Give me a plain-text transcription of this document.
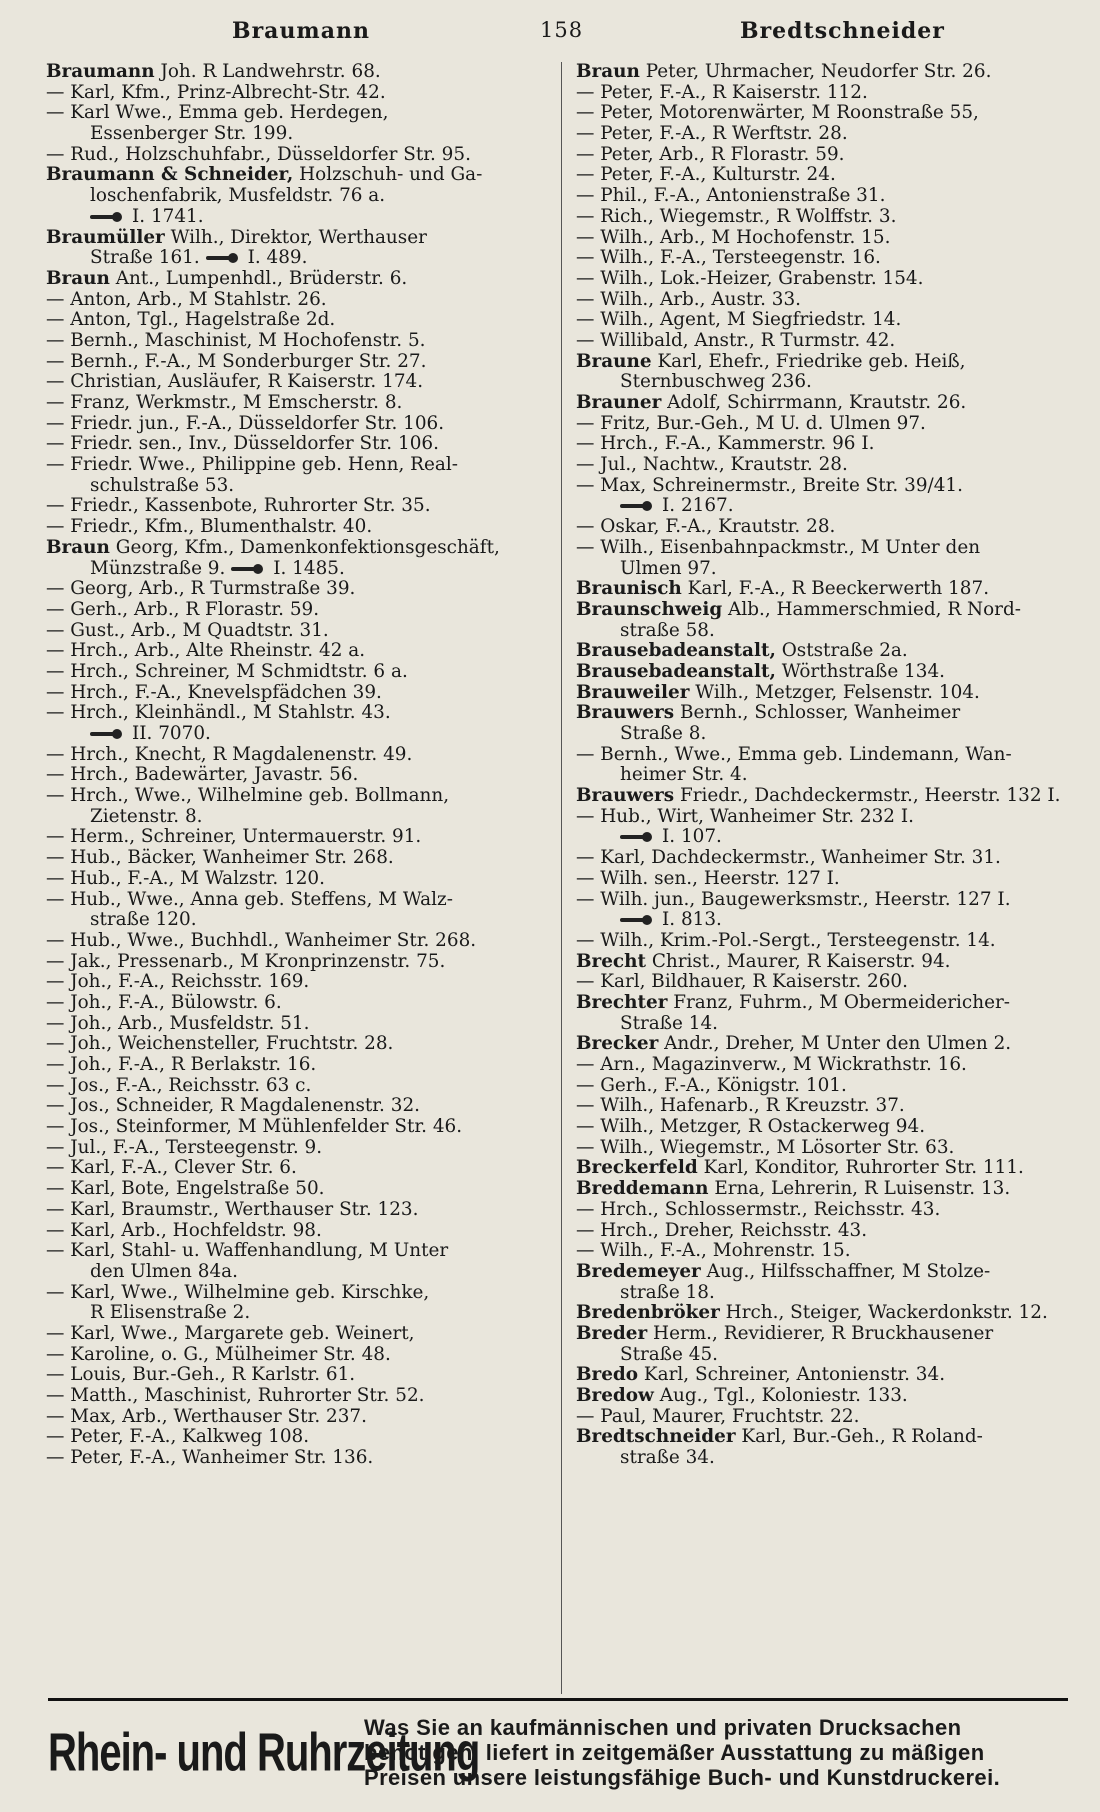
Braumann	158	Bredtschneider
Braumann Joh. R Landwehrstr. 68.
— Karl, Kfm., Prinz-Albrecht-Str. 42.
— Karl Wwe., Emma geb. Herdegen,
Essenberger Str. 199.
— Rud., Holzschuhfabr., Düsseldorfer Str. 95.
Braumann & Schneider, Holzschuh- und Ga-
loschenfabrik, Musfeldstr. 76 a.
I. 1741.
Braumüller Wilh., Direktor, Werthauser
Straße 161.	I. 489.
Braun Ant., Lumpenhdl., Brüderstr. 6.
— Anton, Arb., M Stahlstr. 26.
— Anton, Tgl., Hagelstraße 2d.
— Bernh., Maschinist, M Hochofenstr. 5.
— Bernh., F.-A., M Sonderburger Str. 27.
— Christian, Ausläufer, R Kaiserstr. 174.
— Franz, Werkmstr., M Emscherstr. 8.
— Friedr. jun., F.-A., Düsseldorfer Str. 106.
— Friedr. sen., Inv., Düsseldorfer Str. 106.
— Friedr. Wwe., Philippine geb. Henn, Real-
schulstraße 53.
— Friedr., Kassenbote, Ruhrorter Str. 35.
— Friedr., Kfm., Blumenthalstr. 40.
Braun Georg, Kfm., Damenkonfektionsgeschäft,
Münzstraße 9.	I. 1485.
— Georg, Arb., R Turmstraße 39.
— Gerh., Arb., R Florastr. 59.
— Gust., Arb., M Quadtstr. 31.
— Hrch., Arb., Alte Rheinstr. 42 a.
— Hrch., Schreiner, M Schmidtstr. 6 a.
— Hrch., F.-A., Knevelspfädchen 39.
— Hrch., Kleinhändl., M Stahlstr. 43.
II. 7070.
— Hrch., Knecht, R Magdalenenstr. 49.
— Hrch., Badewärter, Javastr. 56.
— Hrch., Wwe., Wilhelmine geb. Bollmann,
Zietenstr. 8.
— Herm., Schreiner, Untermauerstr. 91.
— Hub., Bäcker, Wanheimer Str. 268.
— Hub., F.-A., M Walzstr. 120.
— Hub., Wwe., Anna geb. Steffens, M Walz-
straße 120.
— Hub., Wwe., Buchhdl., Wanheimer Str. 268.
— Jak., Pressenarb., M Kronprinzenstr. 75.
— Joh., F.-A., Reichsstr. 169.
— Joh., F.-A., Bülowstr. 6.
— Joh., Arb., Musfeldstr. 51.
— Joh., Weichensteller, Fruchtstr. 28.
— Joh., F.-A., R Berlakstr. 16.
— Jos., F.-A., Reichsstr. 63 c.
— Jos., Schneider, R Magdalenenstr. 32.
— Jos., Steinformer, M Mühlenfelder Str. 46.
— Jul., F.-A., Tersteegenstr. 9.
— Karl, F.-A., Clever Str. 6.
— Karl, Bote, Engelstraße 50.
— Karl, Braumstr., Werthauser Str. 123.
— Karl, Arb., Hochfeldstr. 98.
— Karl, Stahl- u. Waffenhandlung, M Unter
den Ulmen 84a.
— Karl, Wwe., Wilhelmine geb. Kirschke,
R Elisenstraße 2.
— Karl, Wwe., Margarete geb. Weinert,
— Karoline, o. G., Mülheimer Str. 48.
— Louis, Bur.-Geh., R Karlstr. 61.
— Matth., Maschinist, Ruhrorter Str. 52.
— Max, Arb., Werthauser Str. 237.
— Peter, F.-A., Kalkweg 108.
— Peter, F.-A., Wanheimer Str. 136.
Braun Peter, Uhrmacher, Neudorfer Str. 26.
— Peter, F.-A., R Kaiserstr. 112.
— Peter, Motorenwärter, M Roonstraße 55,
— Peter, F.-A., R Werftstr. 28.
— Peter, Arb., R Florastr. 59.
— Peter, F.-A., Kulturstr. 24.
— Phil., F.-A., Antonienstraße 31.
— Rich., Wiegemstr., R Wolffstr. 3.
— Wilh., Arb., M Hochofenstr. 15.
— Wilh., F.-A., Tersteegenstr. 16.
— Wilh., Lok.-Heizer, Grabenstr. 154.
— Wilh., Arb., Austr. 33.
— Wilh., Agent, M Siegfriedstr. 14.
— Willibald, Anstr., R Turmstr. 42.
Braune Karl, Ehefr., Friedrike geb. Heiß,
Sternbuschweg 236.
Brauner Adolf, Schirrmann, Krautstr. 26.
— Fritz, Bur.-Geh., M U. d. Ulmen 97.
— Hrch., F.-A., Kammerstr. 96 I.
— Jul., Nachtw., Krautstr. 28.
— Max, Schreinermstr., Breite Str. 39/41.
I. 2167.
— Oskar, F.-A., Krautstr. 28.
— Wilh., Eisenbahnpackmstr., M Unter den
Ulmen 97.
Braunisch Karl, F.-A., R Beeckerwerth 187.
Braunschweig Alb., Hammerschmied, R Nord-
straße 58.
Brausebadeanstalt, Oststraße 2a.
Brausebadeanstalt, Wörthstraße 134.
Brauweiler Wilh., Metzger, Felsenstr. 104.
Brauwers Bernh., Schlosser, Wanheimer
Straße 8.
— Bernh., Wwe., Emma geb. Lindemann, Wan-
heimer Str. 4.
Brauwers Friedr., Dachdeckermstr., Heerstr. 132 I.
— Hub., Wirt, Wanheimer Str. 232 I.
I. 107.
— Karl, Dachdeckermstr., Wanheimer Str. 31.
— Wilh. sen., Heerstr. 127 I.
— Wilh. jun., Baugewerksmstr., Heerstr. 127 I.
I. 813.
— Wilh., Krim.-Pol.-Sergt., Tersteegenstr. 14.
Brecht Christ., Maurer, R Kaiserstr. 94.
— Karl, Bildhauer, R Kaiserstr. 260.
Brechter Franz, Fuhrm., M Obermeidericher-
Straße 14.
Brecker Andr., Dreher, M Unter den Ulmen 2.
— Arn., Magazinverw., M Wickrathstr. 16.
— Gerh., F.-A., Königstr. 101.
— Wilh., Hafenarb., R Kreuzstr. 37.
— Wilh., Metzger, R Ostackerweg 94.
— Wilh., Wiegemstr., M Lösorter Str. 63.
Breckerfeld Karl, Konditor, Ruhrorter Str. 111.
Breddemann Erna, Lehrerin, R Luisenstr. 13.
— Hrch., Schlossermstr., Reichsstr. 43.
— Hrch., Dreher, Reichsstr. 43.
— Wilh., F.-A., Mohrenstr. 15.
Bredemeyer Aug., Hilfsschaffner, M Stolze-
straße 18.
Bredenbröker Hrch., Steiger, Wackerdonkstr. 12.
Breder Herm., Revidierer, R Bruckhausener
Straße 45.
Bredo Karl, Schreiner, Antonienstr. 34.
Bredow Aug., Tgl., Koloniestr. 133.
— Paul, Maurer, Fruchtstr. 22.
Bredtschneider Karl, Bur.-Geh., R Roland-
straße 34.
Rhein- und Ruhrzeitung
Was Sie an kaufmännischen und privaten Drucksachen benötigen, liefert in zeitgemäßer Ausstattung zu mäßigen Preisen unsere leistungsfähige Buch- und Kunstdruckerei.
